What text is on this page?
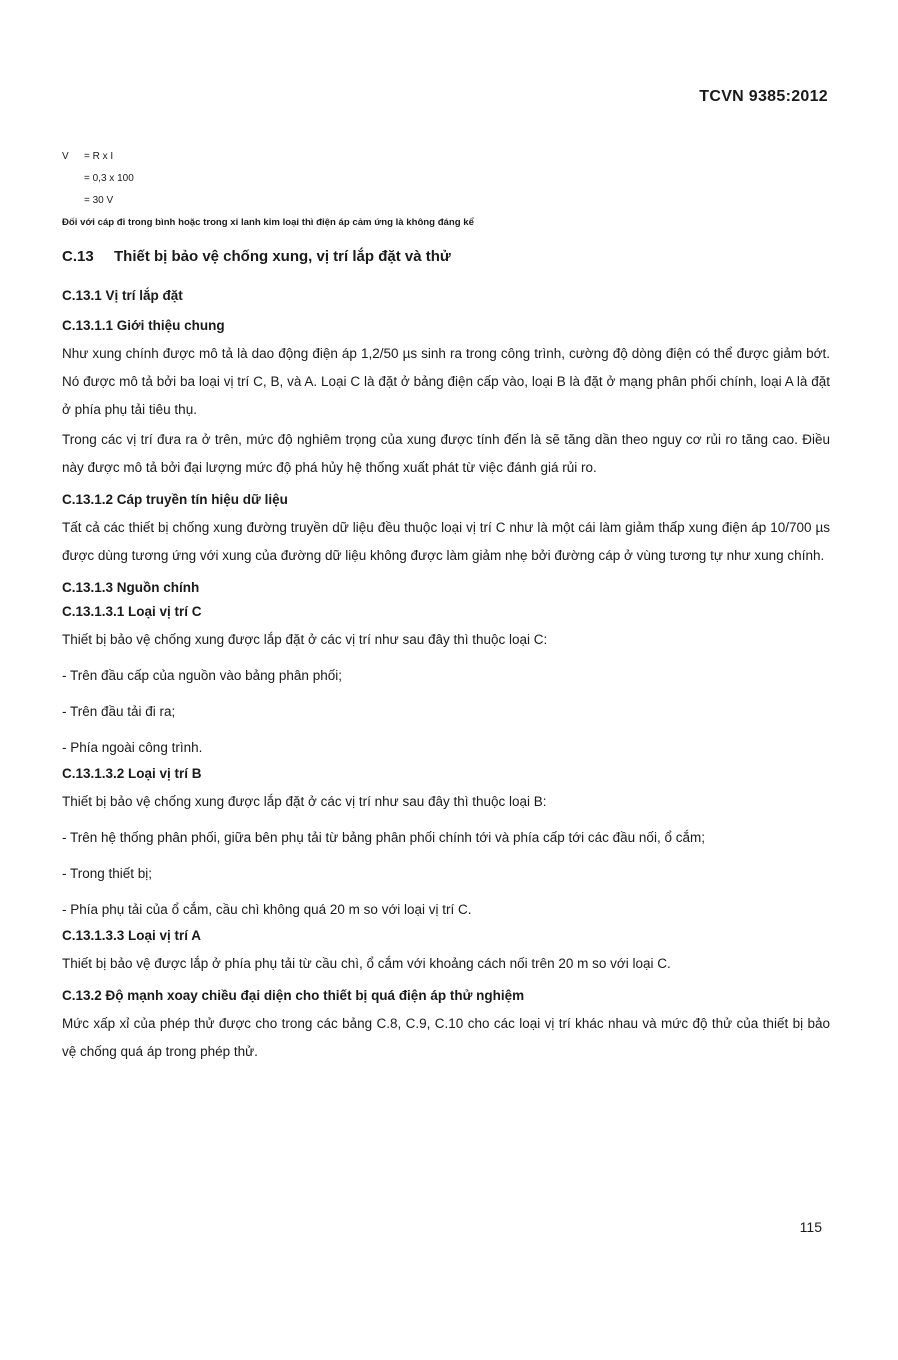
TCVN 9385:2012
V = R x I
= 0,3 x 100
= 30 V
Đối với cáp đi trong bình hoặc trong xi lanh kim loại thì điện áp cảm ứng là không đáng kể
C.13 Thiết bị bảo vệ chống xung, vị trí lắp đặt và thử
C.13.1 Vị trí lắp đặt
C.13.1.1 Giới thiệu chung
Như xung chính được mô tả là dao động điện áp 1,2/50 µs sinh ra trong công trình, cường độ dòng điện có thể được giảm bớt. Nó được mô tả bởi ba loại vị trí C, B, và A. Loại C là đặt ở bảng điện cấp vào, loại B là đặt ở mạng phân phối chính, loại A là đặt ở phía phụ tải tiêu thụ.
Trong các vị trí đưa ra ở trên, mức độ nghiêm trọng của xung được tính đến là sẽ tăng dần theo nguy cơ rủi ro tăng cao. Điều này được mô tả bởi đại lượng mức độ phá hủy hệ thống xuất phát từ việc đánh giá rủi ro.
C.13.1.2 Cáp truyền tín hiệu dữ liệu
Tất cả các thiết bị chống xung đường truyền dữ liệu đều thuộc loại vị trí C như là một cái làm giảm thấp xung điện áp 10/700 µs được dùng tương ứng với xung của đường dữ liệu không được làm giảm nhẹ bởi đường cáp ở vùng tương tự như xung chính.
C.13.1.3 Nguồn chính
C.13.1.3.1 Loại vị trí C
Thiết bị bảo vệ chống xung được lắp đặt ở các vị trí như sau đây thì thuộc loại C:
- Trên đầu cấp của nguồn vào bảng phân phối;
- Trên đầu tải đi ra;
- Phía ngoài công trình.
C.13.1.3.2 Loại vị trí B
Thiết bị bảo vệ chống xung được lắp đặt ở các vị trí như sau đây thì thuộc loại B:
- Trên hệ thống phân phối, giữa bên phụ tải từ bảng phân phối chính tới và phía cấp tới các đầu nối, ổ cắm;
- Trong thiết bị;
- Phía phụ tải của ổ cắm, cầu chì không quá 20 m so với loại vị trí C.
C.13.1.3.3 Loại vị trí A
Thiết bị bảo vệ được lắp ở phía phụ tải từ cầu chì, ổ cắm với khoảng cách nối trên 20 m so với loại C.
C.13.2 Độ mạnh xoay chiều đại diện cho thiết bị quá điện áp thử nghiệm
Mức xấp xỉ của phép thử được cho trong các bảng C.8, C.9, C.10 cho các loại vị trí khác nhau và mức độ thử của thiết bị bảo vệ chống quá áp trong phép thử.
115
